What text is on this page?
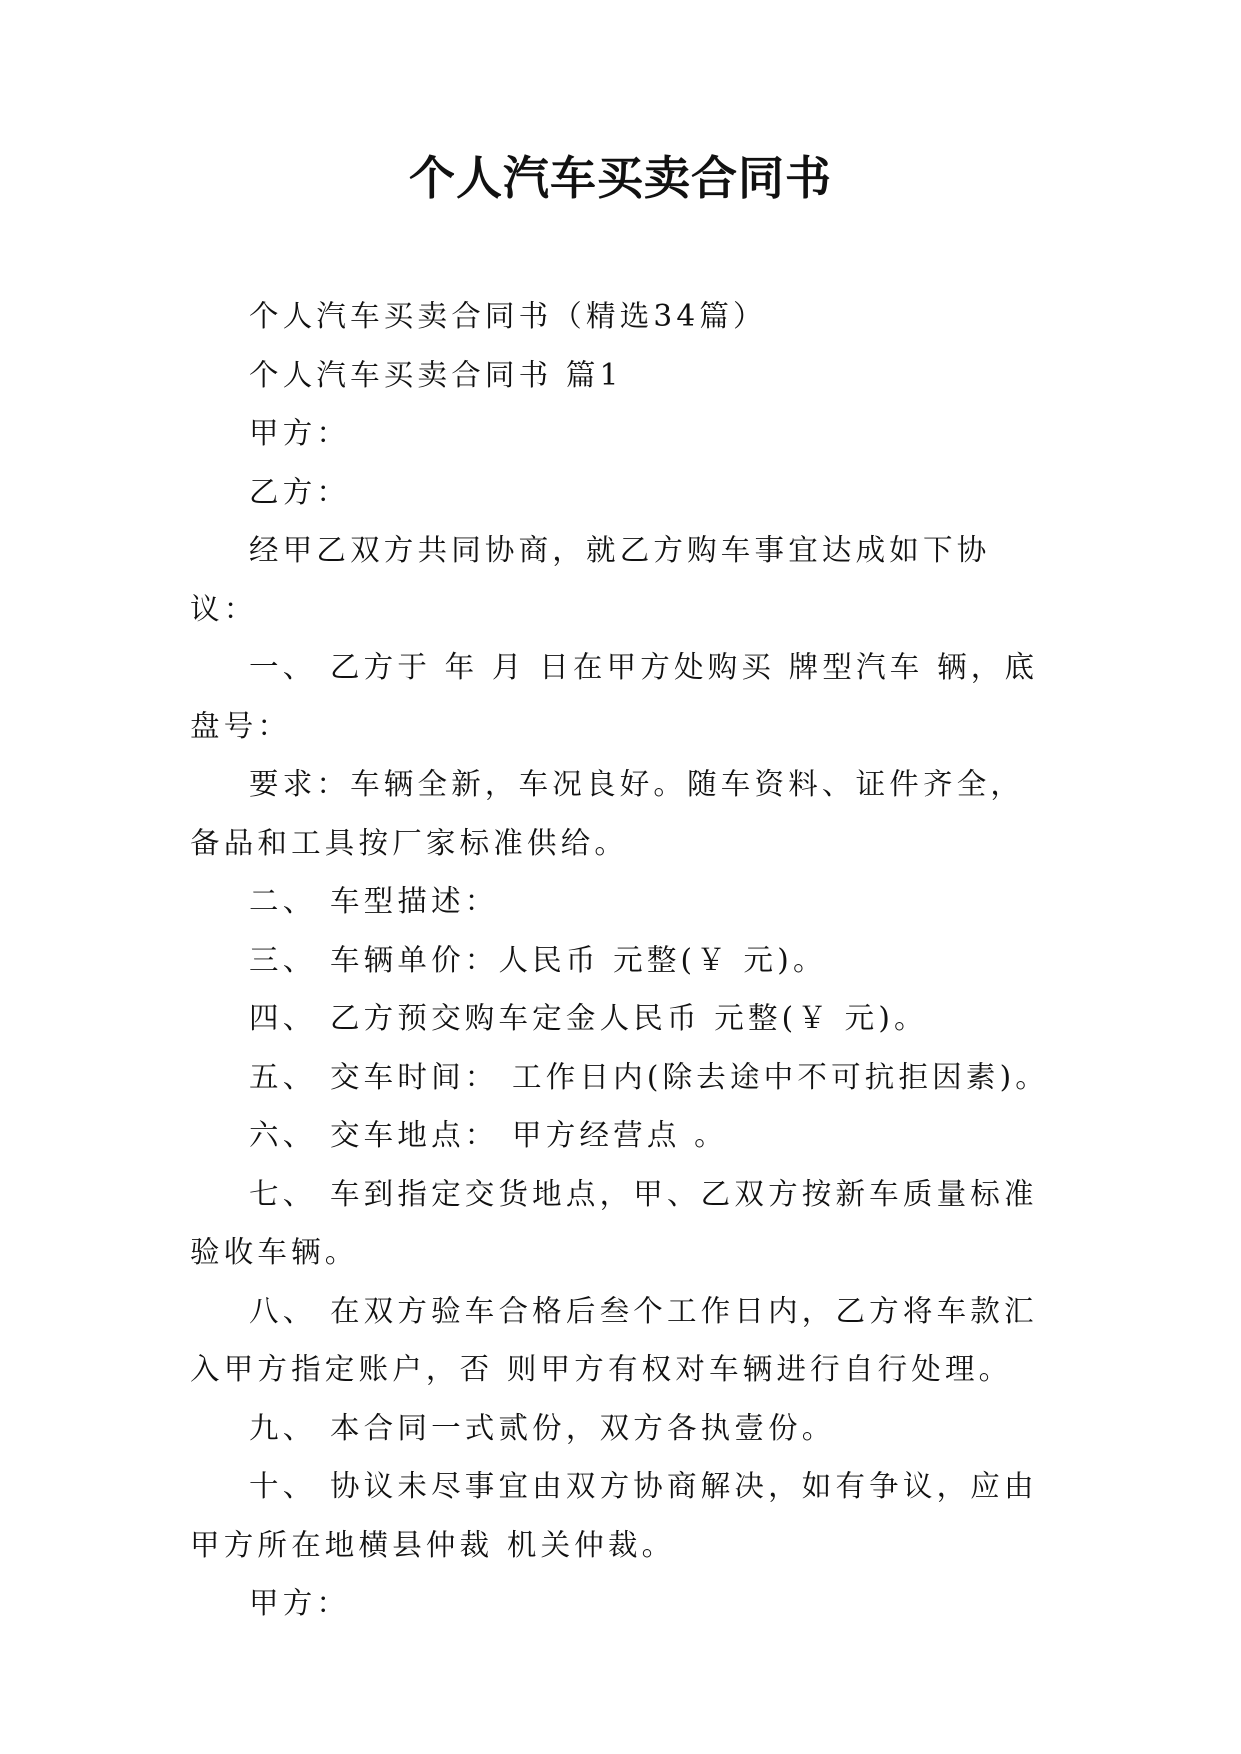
个人汽车买卖合同书

个人汽车买卖合同书（精选34篇）

个人汽车买卖合同书 篇1

甲方：

乙方：

经甲乙双方共同协商，就乙方购车事宜达成如下协议：

一、 乙方于 年 月 日在甲方处购买 牌型汽车 辆，底盘号：

要求：车辆全新，车况良好。随车资料、证件齐全，备品和工具按厂家标准供给。

二、 车型描述：

三、 车辆单价：人民币 元整(￥ 元)。

四、 乙方预交购车定金人民币 元整(￥ 元)。

五、 交车时间： 工作日内(除去途中不可抗拒因素)。

六、 交车地点： 甲方经营点 。

七、 车到指定交货地点，甲、乙双方按新车质量标准验收车辆。

八、 在双方验车合格后叁个工作日内，乙方将车款汇入甲方指定账户，否 则甲方有权对车辆进行自行处理。

九、 本合同一式贰份，双方各执壹份。

十、 协议未尽事宜由双方协商解决，如有争议，应由甲方所在地横县仲裁 机关仲裁。

甲方：
